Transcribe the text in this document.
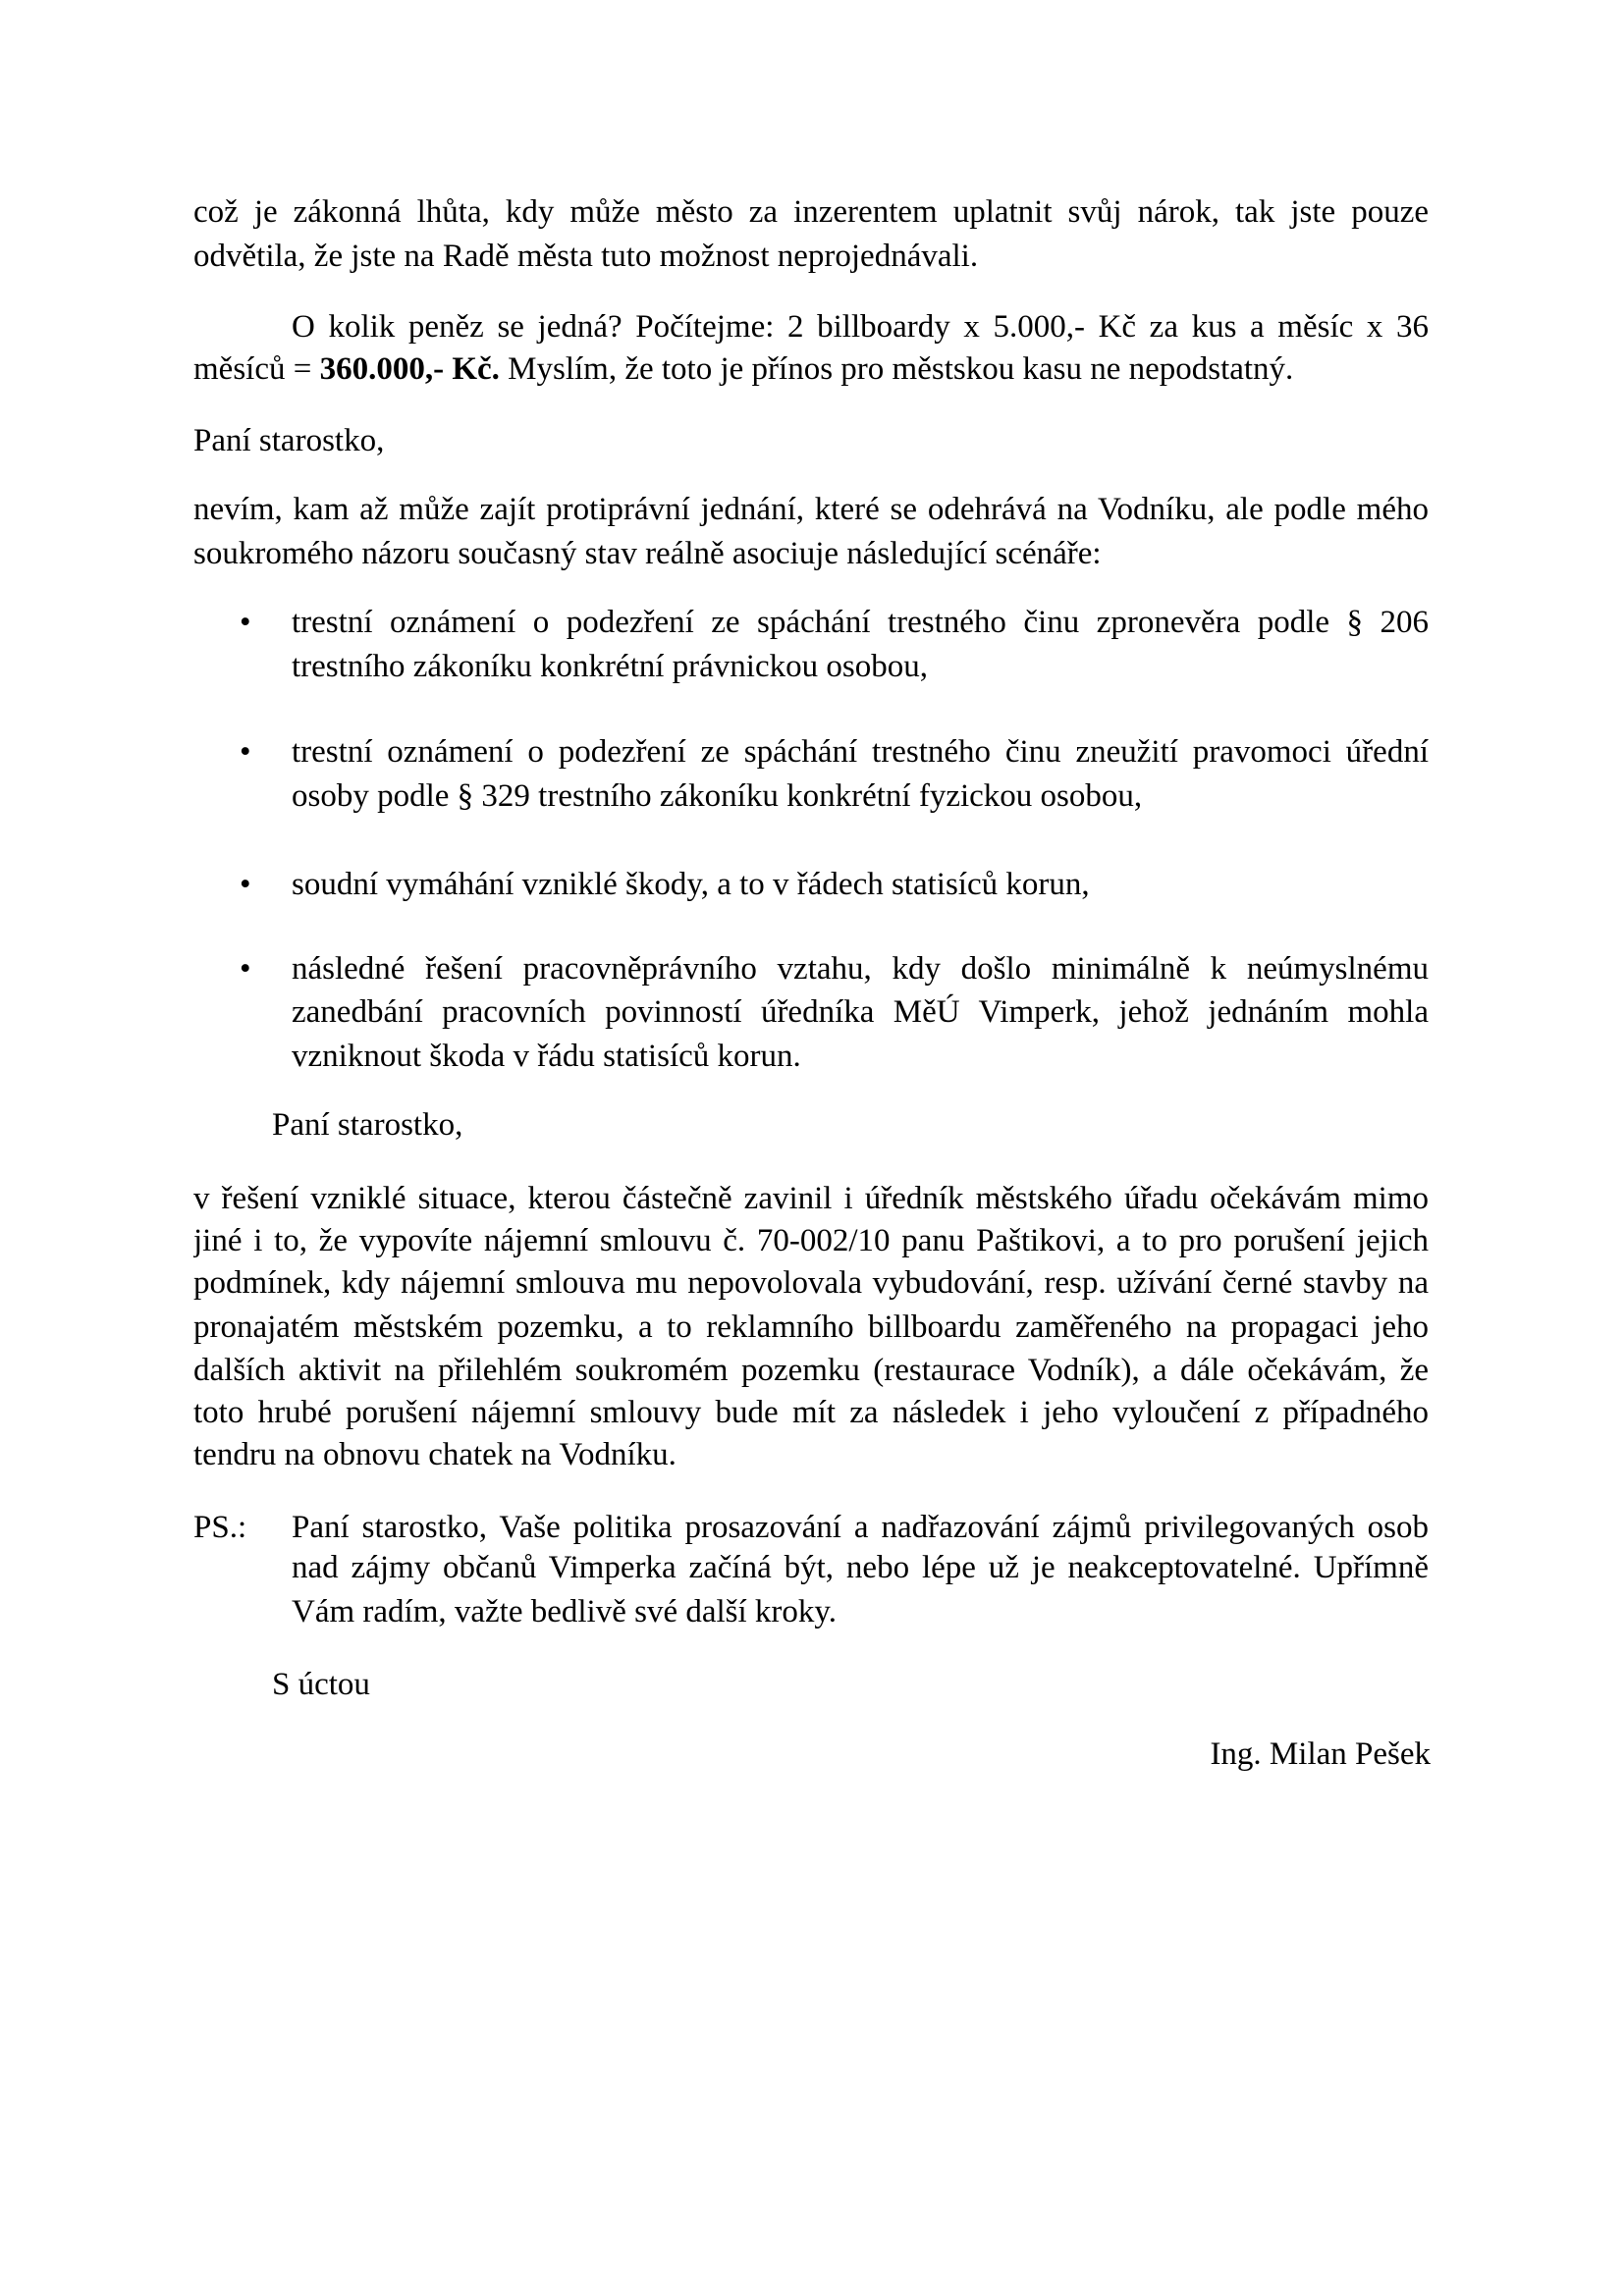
což je zákonná lhůta, kdy může město za inzerentem uplatnit svůj nárok, tak jste pouze
odvětila, že jste na Radě města tuto možnost neprojednávali.
O kolik peněz se jedná? Počítejme: 2 billboardy x 5.000,- Kč za kus a měsíc x 36
měsíců = 360.000,- Kč. Myslím, že toto je přínos pro městskou kasu ne nepodstatný.
Paní starostko,
nevím, kam až může zajít protiprávní jednání, které se odehrává na Vodníku, ale podle mého
soukromého názoru současný stav reálně asociuje následující scénáře:
• trestní oznámení o podezření ze spáchání trestného činu zpronevěra podle § 206
trestního zákoníku konkrétní právnickou osobou,
• trestní oznámení o podezření ze spáchání trestného činu zneužití pravomoci úřední
osoby podle § 329 trestního zákoníku konkrétní fyzickou osobou,
• soudní vymáhání vzniklé škody, a to v řádech statisíců korun,
• následné řešení pracovněprávního vztahu, kdy došlo minimálně k neúmyslnému
zanedbání pracovních povinností úředníka MěÚ Vimperk, jehož jednáním mohla
vzniknout škoda v řádu statisíců korun.
Paní starostko,
v řešení vzniklé situace, kterou částečně zavinil i úředník městského úřadu očekávám mimo
jiné i to, že vypovíte nájemní smlouvu č. 70-002/10 panu Paštikovi, a to pro porušení jejich
podmínek, kdy nájemní smlouva mu nepovolovala vybudování, resp. užívání černé stavby na
pronajatém městském pozemku, a to reklamního billboardu zaměřeného na propagaci jeho
dalších aktivit na přilehlém soukromém pozemku (restaurace Vodník), a dále očekávám, že
toto hrubé porušení nájemní smlouvy bude mít za následek i jeho vyloučení z případného
tendru na obnovu chatek na Vodníku.
PS.: Paní starostko, Vaše politika prosazování a nadřazování zájmů privilegovaných osob
nad zájmy občanů Vimperka začíná být, nebo lépe už je neakceptovatelné. Upřímně
Vám radím, važte bedlivě své další kroky.
S úctou
Ing. Milan Pešek
